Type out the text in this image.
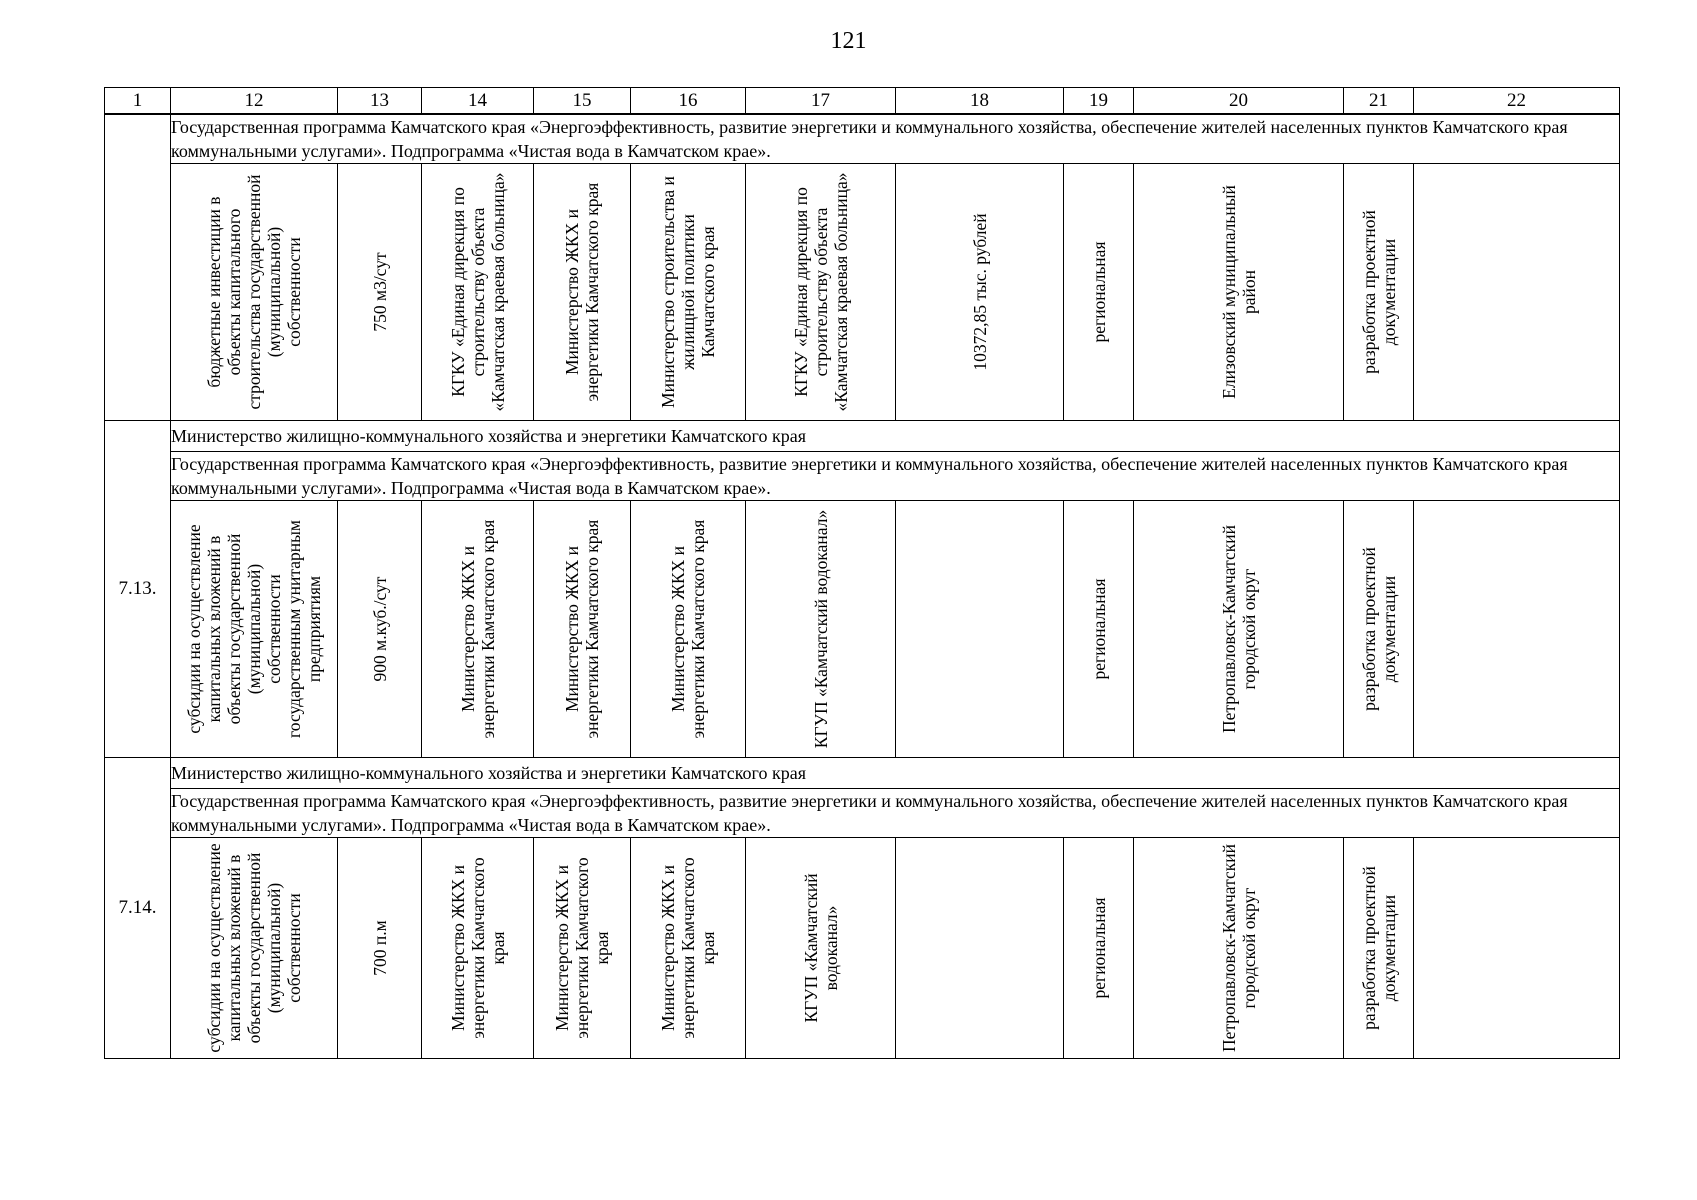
121
1	12	13	14	15	16	17	18	19	20	21	22
	Государственная программа Камчатского края «Энергоэффективность, развитие энергетики и коммунального хозяйства, обеспечение жителей населенных пунктов Камчатского края коммунальными услугами». Подпрограмма «Чистая вода в Камчатском крае».										

	бюджетные инвестиции в объекты капитального строительства государственной (муниципальной) собственности	750 м3/сут	КГКУ «Единая дирекция по строительству объекта «Камчатская краевая больница»	Министерство ЖКХ и энергетики Камчатского края	Министерство строительства и жилищной политики Камчатского края	КГКУ «Единая дирекция по строительству объекта «Камчатская краевая больница»	10372,85 тыс. рублей	региональная	Елизовский муниципальный район	разработка проектной документации	

7.13.	Министерство жилищно-коммунального хозяйства и энергетики Камчатского края										
	Государственная программа Камчатского края «Энергоэффективность, развитие энергетики и коммунального хозяйства, обеспечение жителей населенных пунктов Камчатского края коммунальными услугами». Подпрограмма «Чистая вода в Камчатском крае».										

	субсидии на осуществление капитальных вложений в объекты государственной (муниципальной) собственности государственным унитарным предприятиям	900 м.куб./сут	Министерство ЖКХ и энергетики Камчатского края	Министерство ЖКХ и энергетики Камчатского края	Министерство ЖКХ и энергетики Камчатского края	КГУП «Камчатский водоканал»		региональная	Петропавловск-Камчатский городской округ	разработка проектной документации	

7.14.	Министерство жилищно-коммунального хозяйства и энергетики Камчатского края										
	Государственная программа Камчатского края «Энергоэффективность, развитие энергетики и коммунального хозяйства, обеспечение жителей населенных пунктов Камчатского края коммунальными услугами». Подпрограмма «Чистая вода в Камчатском крае».										

	субсидии на осуществление капитальных вложений в объекты государственной (муниципальной) собственности	700 п.м	Министерство ЖКХ и энергетики Камчатского края	Министерство ЖКХ и энергетики Камчатского края	Министерство ЖКХ и энергетики Камчатского края	КГУП «Камчатский водоканал»		региональная	Петропавловск-Камчатский городской округ	разработка проектной документации	
